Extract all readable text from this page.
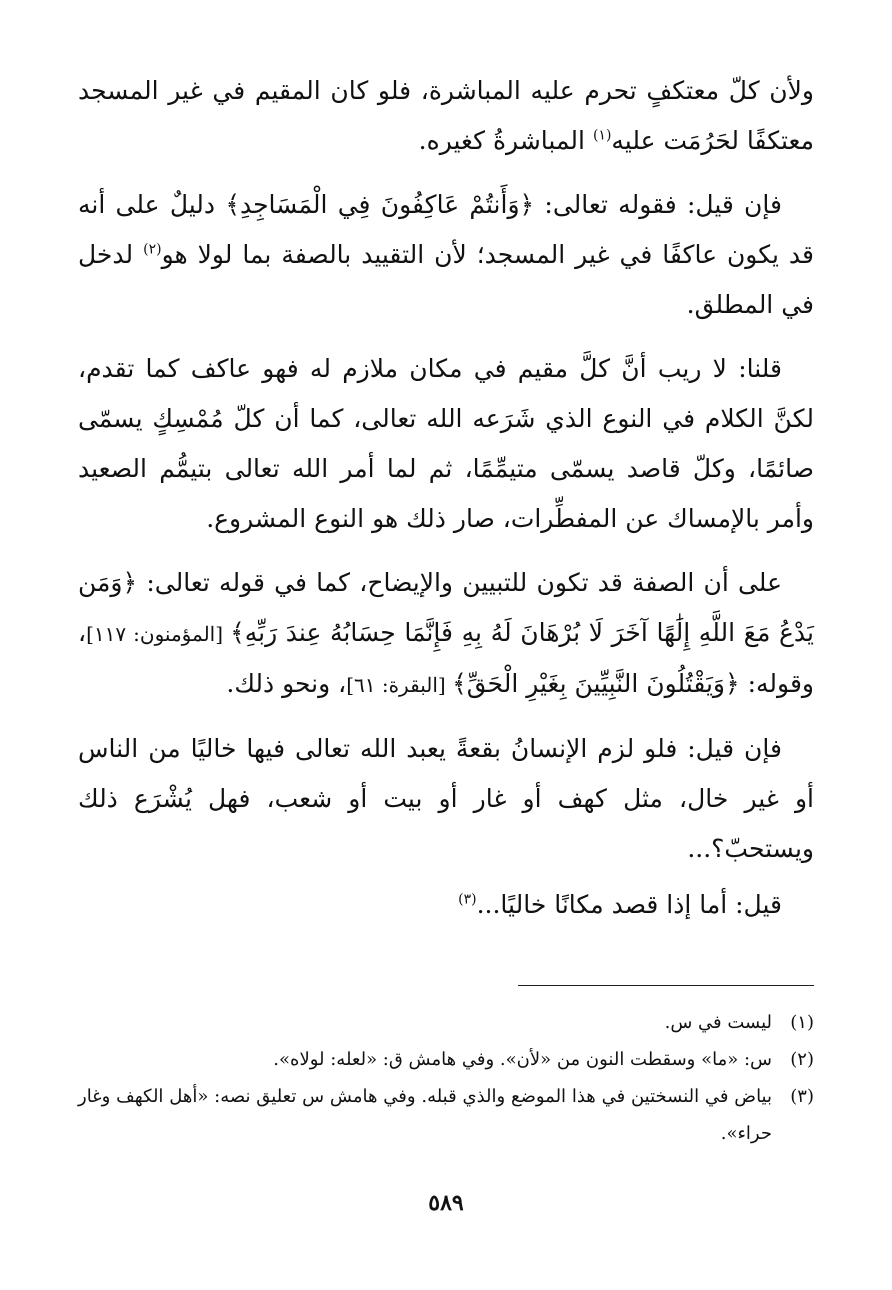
ولأن كلّ معتكفٍ تحرم عليه المباشرة، فلو كان المقيم في غير المسجد معتكفًا لحَرُمَت عليه$^{(١)}$ المباشرةُ كغيره.

فإن قيل: فقوله تعالى: ﴿وَأَنتُمْ عَاكِفُونَ فِي الْمَسَاجِدِ﴾ دليلٌ على أنه قد يكون عاكفًا في غير المسجد؛ لأن التقييد بالصفة بما لولا هو$^{(٢)}$ لدخل في المطلق.

قلنا: لا ريب أنَّ كلَّ مقيم في مكان ملازم له فهو عاكف كما تقدم، لكنَّ الكلام في النوع الذي شَرَعه الله تعالى، كما أن كلّ مُمْسِكٍ يسمّى صائمًا، وكلّ قاصد يسمّى متيمِّمًا، ثم لما أمر الله تعالى بتيمُّم الصعيد وأمر بالإمساك عن المفطِّرات، صار ذلك هو النوع المشروع.

على أن الصفة قد تكون للتبيين والإيضاح، كما في قوله تعالى: ﴿وَمَن يَدْعُ مَعَ اللَّهِ إِلَٰهًا آخَرَ لَا بُرْهَانَ لَهُ بِهِ فَإِنَّمَا حِسَابُهُ عِندَ رَبِّهِ﴾ [المؤمنون: ١١٧]، وقوله: ﴿وَيَقْتُلُونَ النَّبِيِّينَ بِغَيْرِ الْحَقِّ﴾ [البقرة: ٦١]، ونحو ذلك.

فإن قيل: فلو لزم الإنسانُ بقعةً يعبد الله تعالى فيها خاليًا من الناس أو غير خال، مثل كهف أو غار أو بيت أو شعب، فهل يُشْرَع ذلك ويستحبّ؟...

قيل: أما إذا قصد مكانًا خاليًا...$^{(٣)}$

(١)
ليست في س.
(٢)
س: «ما» وسقطت النون من «لأن». وفي هامش ق: «لعله: لولاه».
(٣)
بياض في النسختين في هذا الموضع والذي قبله. وفي هامش س تعليق نصه: «أهل الكهف وغار حراء».
٥٨٩
